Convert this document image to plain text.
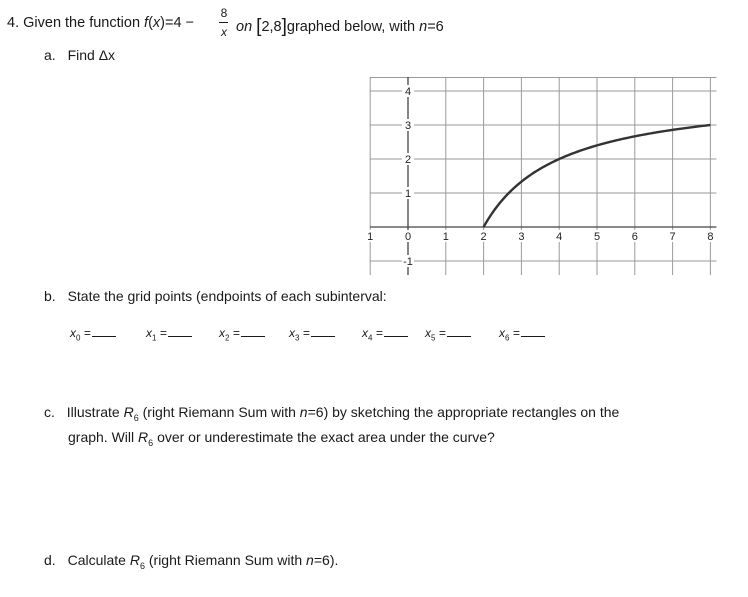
4. Given the function f(x)=4 −
8
x on [2,8]graphed below, with n=6
a. Find Δx
1	1	2	3	4	5	6	7	8
4
3
2
1
0
-1
b. State the grid points (endpoints of each subinterval:
$x_0$ =	$x_1$ =	$x_2$ =	$x_3$ =	$x_4$ =	$x_5$ =	$x_6$ =
c. Illustrate $R_6$ (right Riemann Sum with n=6) by sketching the appropriate rectangles on the
graph. Will $R_6$ over or underestimate the exact area under the curve?
d. Calculate $R_6$ (right Riemann Sum with n=6).
